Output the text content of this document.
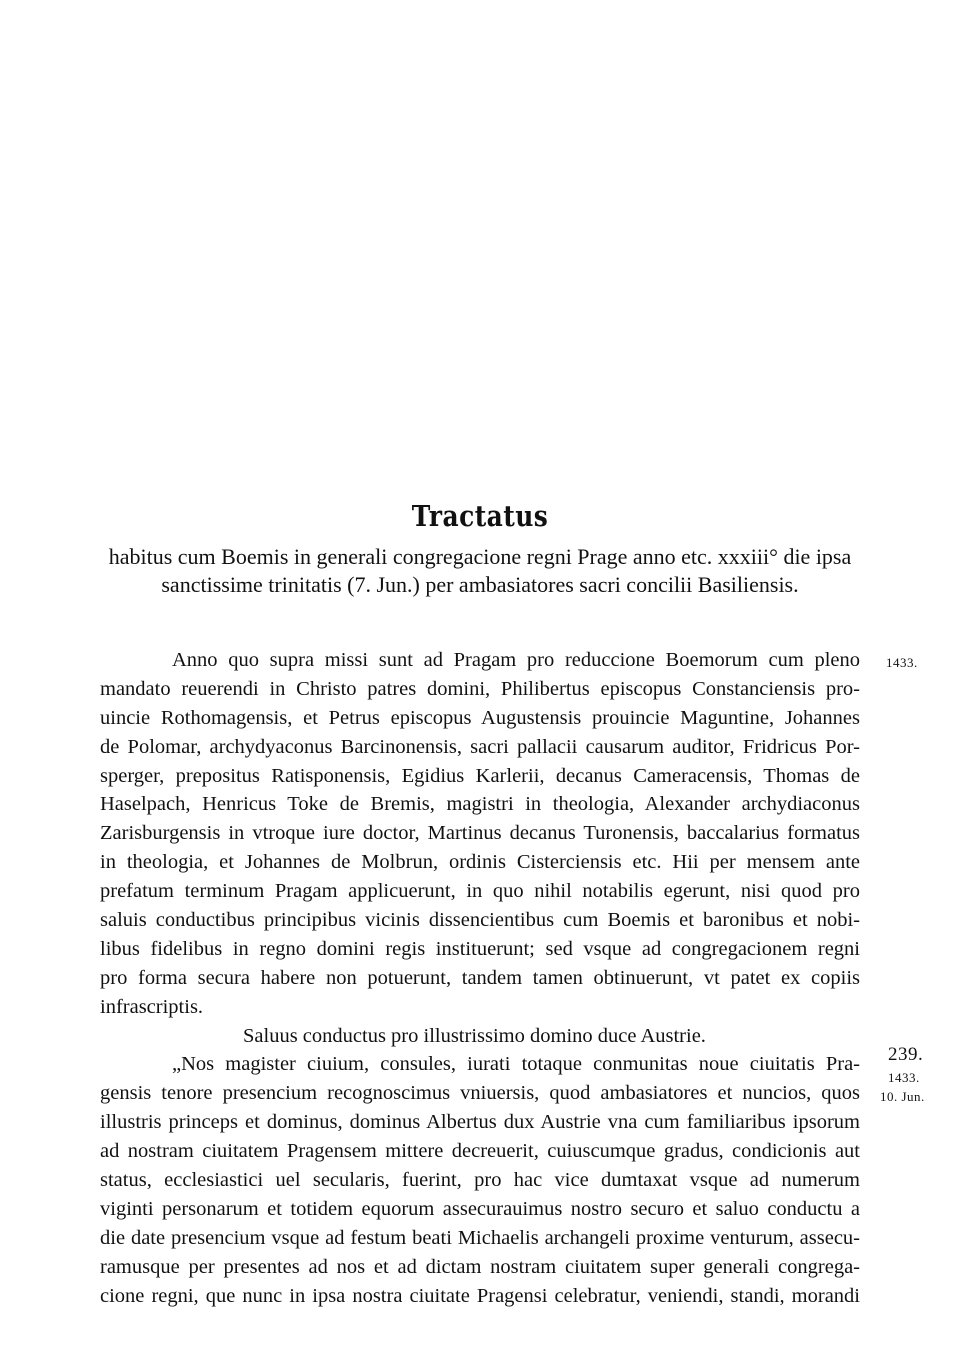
Tractatus
habitus cum Boemis in generali congregacione regni Prage anno etc. xxxiii° die ipsa
sanctissime trinitatis (7. Jun.) per ambasiatores sacri concilii Basiliensis.
Anno quo supra missi sunt ad Pragam pro reduccione Boemorum cum pleno
mandato reuerendi in Christo patres domini, Philibertus episcopus Constanciensis pro-
uincie Rothomagensis, et Petrus episcopus Augustensis prouincie Maguntine, Johannes
de Polomar, archydyaconus Barcinonensis, sacri pallacii causarum auditor, Fridricus Por-
sperger, prepositus Ratisponensis, Egidius Karlerii, decanus Cameracensis, Thomas de
Haselpach, Henricus Toke de Bremis, magistri in theologia, Alexander archydiaconus
Zarisburgensis in vtroque iure doctor, Martinus decanus Turonensis, baccalarius formatus
in theologia, et Johannes de Molbrun, ordinis Cisterciensis etc. Hii per mensem ante
prefatum terminum Pragam applicuerunt, in quo nihil notabilis egerunt, nisi quod pro
saluis conductibus principibus vicinis dissencientibus cum Boemis et baronibus et nobi-
libus fidelibus in regno domini regis instituerunt; sed vsque ad congregacionem regni
pro forma secura habere non potuerunt, tandem tamen obtinuerunt, vt patet ex copiis
infrascriptis.
Saluus conductus pro illustrissimo domino duce Austrie.
„Nos magister ciuium, consules, iurati totaque conmunitas noue ciuitatis Pra-
gensis tenore presencium recognoscimus vniuersis, quod ambasiatores et nuncios, quos
illustris princeps et dominus, dominus Albertus dux Austrie vna cum familiaribus ipsorum
ad nostram ciuitatem Pragensem mittere decreuerit, cuiuscumque gradus, condicionis aut
status, ecclesiastici uel secularis, fuerint, pro hac vice dumtaxat vsque ad numerum
viginti personarum et totidem equorum assecurauimus nostro securo et saluo conductu a
die date presencium vsque ad festum beati Michaelis archangeli proxime venturum, assecu-
ramusque per presentes ad nos et ad dictam nostram ciuitatem super generali congrega-
cione regni, que nunc in ipsa nostra ciuitate Pragensi celebratur, veniendi, standi, morandi
1433.
239.
1433.
10. Jun.
